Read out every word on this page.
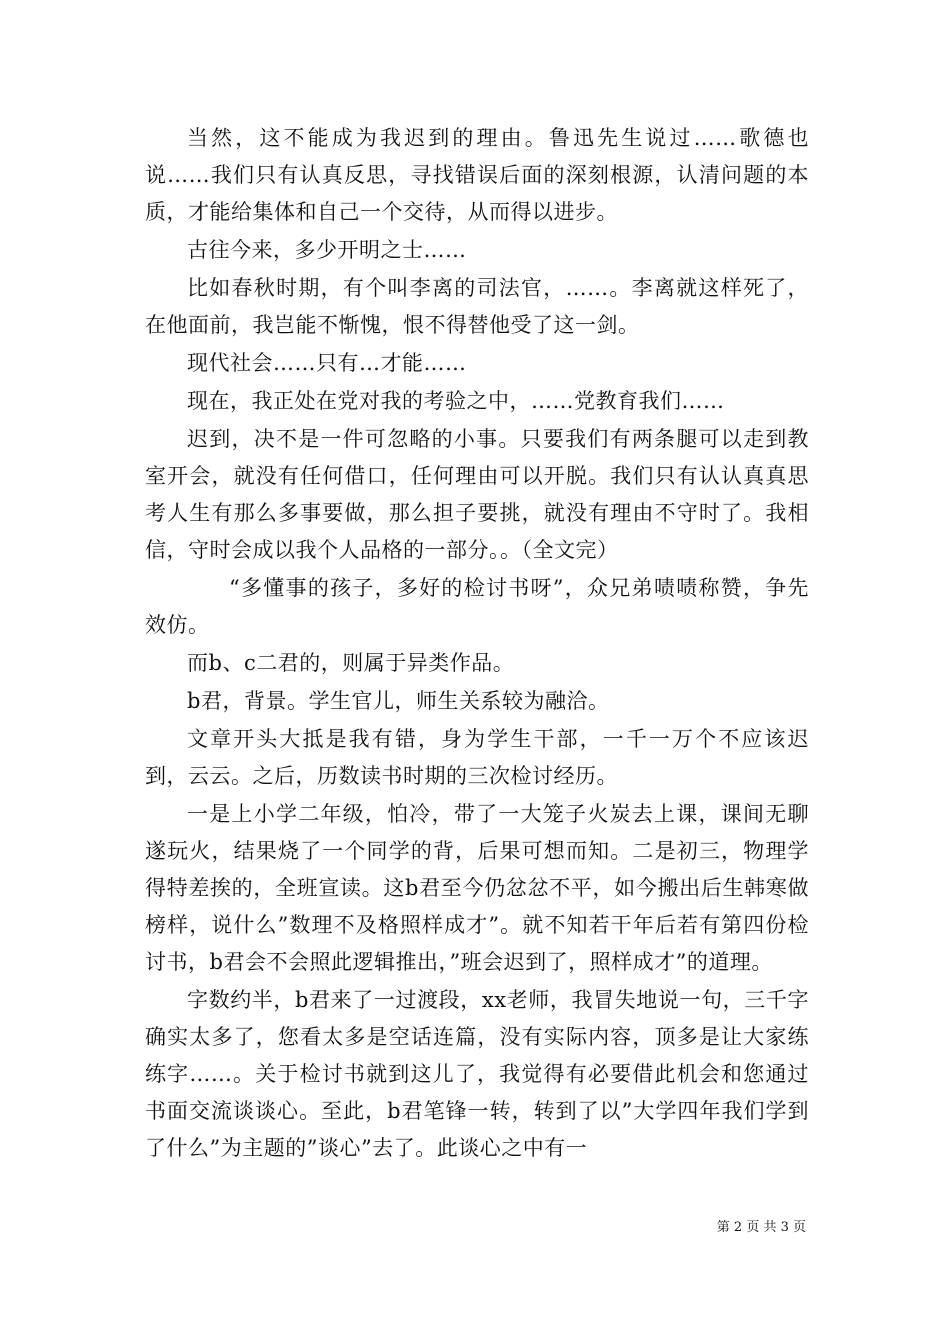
当然，这不能成为我迟到的理由。鲁迅先生说过……歌德也说……我们只有认真反思，寻找错误后面的深刻根源，认清问题的本质，才能给集体和自己一个交待，从而得以进步。

古往今来，多少开明之士……

比如春秋时期，有个叫李离的司法官，……。李离就这样死了，在他面前，我岂能不惭愧，恨不得替他受了这一剑。

现代社会……只有…才能……

现在，我正处在党对我的考验之中，……党教育我们……

迟到，决不是一件可忽略的小事。只要我们有两条腿可以走到教室开会，就没有任何借口，任何理由可以开脱。我们只有认认真真思考人生有那么多事要做，那么担子要挑，就没有理由不守时了。我相信，守时会成以我个人品格的一部分。。（全文完）

“多懂事的孩子，多好的检讨书呀”，众兄弟啧啧称赞，争先效仿。

而b、c二君的，则属于异类作品。

b君，背景。学生官儿，师生关系较为融洽。

文章开头大抵是我有错，身为学生干部，一千一万个不应该迟到，云云。之后，历数读书时期的三次检讨经历。

一是上小学二年级，怕冷，带了一大笼子火炭去上课，课间无聊遂玩火，结果烧了一个同学的背，后果可想而知。二是初三，物理学得特差挨的，全班宣读。这b君至今仍忿忿不平，如今搬出后生韩寒做榜样，说什么”数理不及格照样成才”。就不知若干年后若有第四份检讨书，b君会不会照此逻辑推出，”班会迟到了，照样成才”的道理。

字数约半，b君来了一过渡段，xx老师，我冒失地说一句，三千字确实太多了，您看太多是空话连篇，没有实际内容，顶多是让大家练练字……。关于检讨书就到这儿了，我觉得有必要借此机会和您通过书面交流谈谈心。至此，b君笔锋一转，转到了以”大学四年我们学到了什么”为主题的”谈心”去了。此谈心之中有一

第 2 页 共 3 页
